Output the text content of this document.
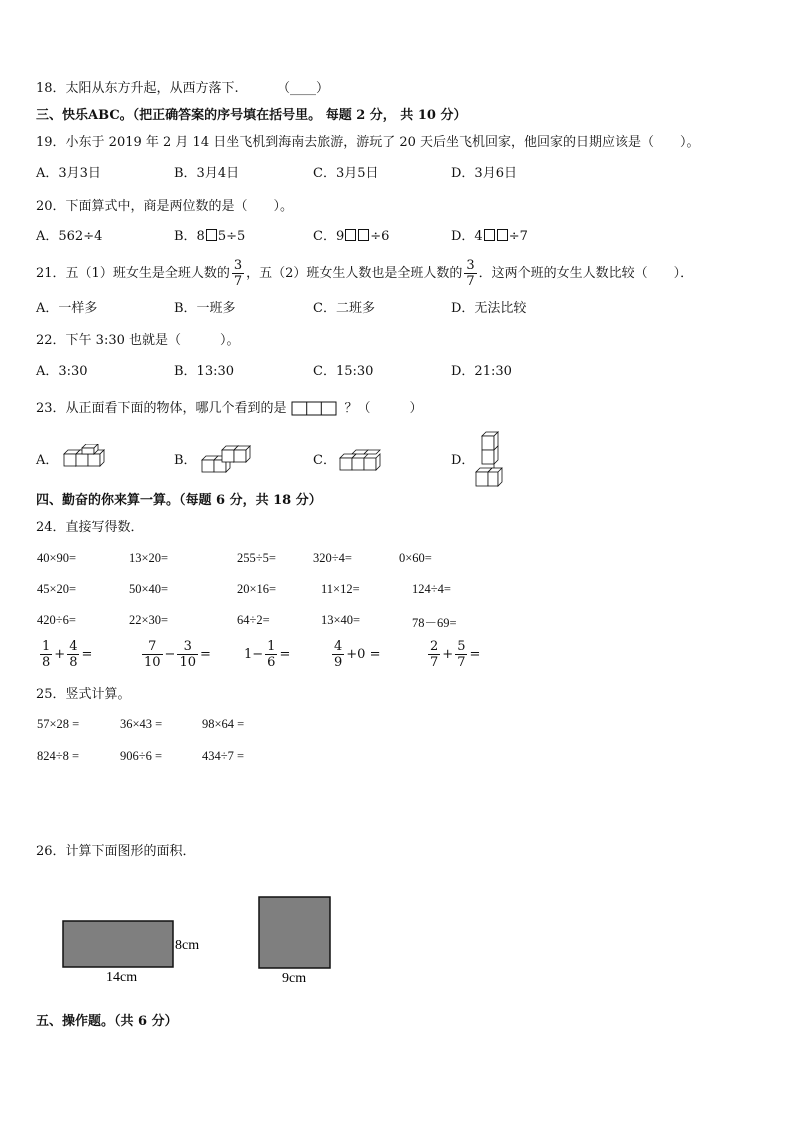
18．太阳从东方升起，从西方落下.	（____）
三、快乐ABC。（把正确答案的序号填在括号里。 每题 2 分， 共 10 分）
19．小东于 2019 年 2 月 14 日坐飞机到海南去旅游，游玩了 20 天后坐飞机回家，他回家的日期应该是（　　）。
A．3月3日	B．3月4日	C．3月5日	D．3月6日
20．下面算式中，商是两位数的是（　　）。
A．562÷4	B．8 5÷5	C．9 ÷6	D．4 ÷7
21．五（1）班女生是全班人数的 $\frac{3}{7}$ ，五（2）班女生人数也是全班人数的 $\frac{3}{7}$ ．这两个班的女生人数比较（　　）．
A．一样多	B．一班多	C．二班多	D．无法比较
22．下午 3:30 也就是（　　　）。
A．3:30	B．13:30	C．15:30	D．21:30
23．从正面看下面的物体，哪几个看到的是	？（　　　）
A．	B．	C．	D．
四、勤奋的你来算一算。（每题 6 分，共 18 分）
24．直接写得数．
40×90=	13×20=	255÷5=	320÷4=	0×60=
45×20=	50×40=	20×16=	11×12=	124÷4=
420÷6=	22×30=	64÷2=	13×40=	78－69=
$\frac{1}{8} + \frac{4}{8}$ =	$\frac{7}{10} - \frac{3}{10}$ =	$1- \frac{1}{6}$ =	$\frac{4}{9} +0$ =	$\frac{2}{7} + \frac{5}{7}$ =
25．竖式计算。
57×28 =	36×43 =	98×64 =
824÷8 =	906÷6 =	434÷7 =
26．计算下面图形的面积．
8cm
14cm	9cm
五、操作题。（共 6 分）
